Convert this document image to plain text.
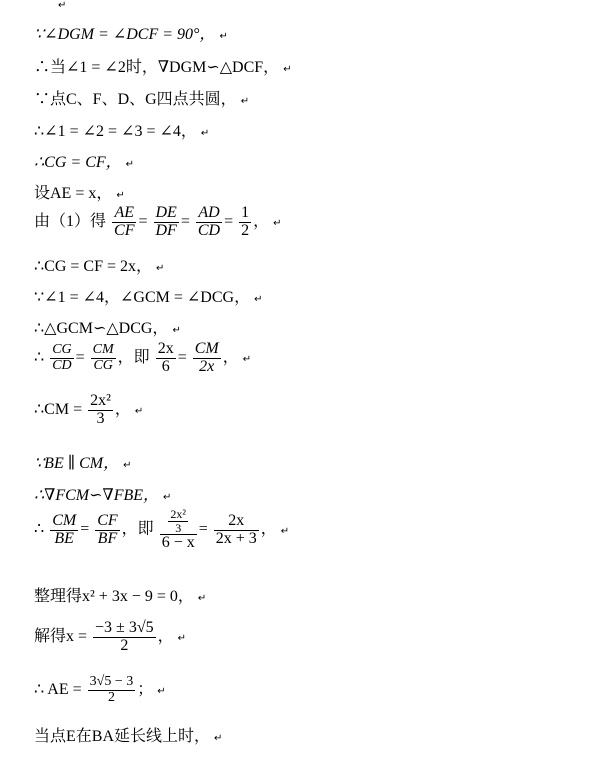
↵
∵∠DGM = ∠DCF = 90°， ↵
∴当∠1 = ∠2时，∇DGM∽△DCF， ↵
∵点C、F、D、G四点共圆， ↵
∴∠1 = ∠2 = ∠3 = ∠4， ↵
∴CG = CF， ↵
设AE = x， ↵
由（1）得 $\frac{AE}{CF} = \frac{DE}{DF} = \frac{AD}{CD} = \frac{1}{2}$ ， ↵
∴CG = CF = 2x， ↵
∵∠1 = ∠4，∠GCM = ∠DCG， ↵
∴△GCM∽△DCG， ↵
∴ $\frac{CG}{CD} = \frac{CM}{CG}$ ，即 $\frac{2x}{6} = \frac{CM}{2x}$ ， ↵
∴CM = $\frac{\text{2x²}}{3}$ ， ↵
∵BE ∥ CM， ↵
∴∇FCM∽∇FBE， ↵
∴ $\frac{CM}{BE} = \frac{CF}{BF}$ ，即 $\frac{\frac{\text{2x²}}{3}}{6 - x} = \frac{2x}{2x + 3}$ ， ↵
整理得x² + 3x − 9 = 0， ↵
解得$x = \frac{-3 \pm 3√5}{2}$ ， ↵
∴ AE = $\frac{3√5 - 3}{2}$ ； ↵
当点E在BA延长线上时， ↵
